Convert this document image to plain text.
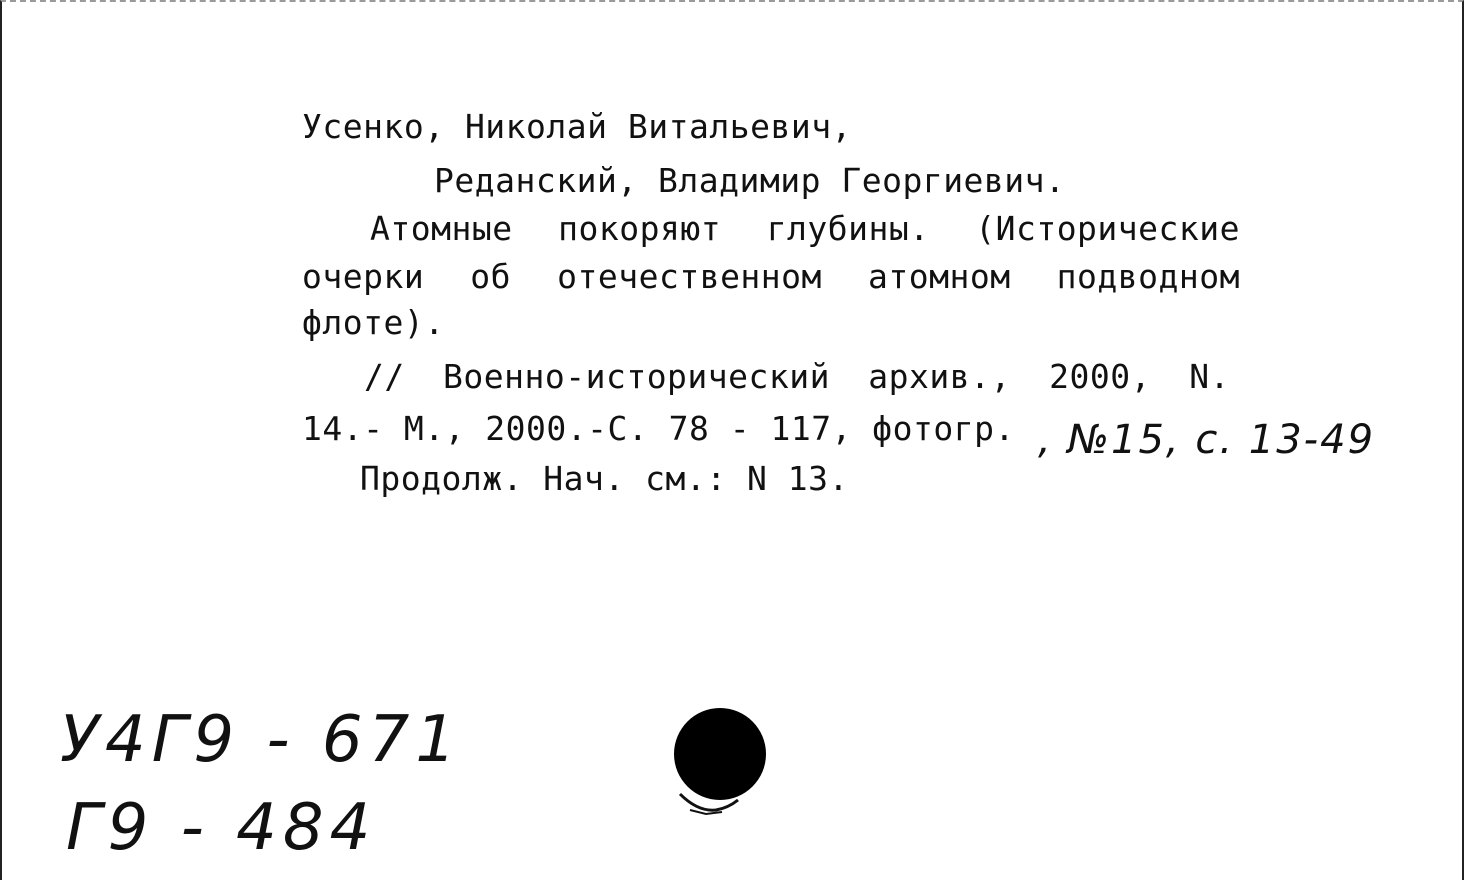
Усенко, Николай Витальевич,
Реданский, Владимир Георгиевич.
Атомные покоряют глубины. (Исторические
очерки об отечественном атомном подводном
флоте).
// Военно-исторический архив., 2000, N.
14.- М., 2000.-С. 78 - 117, фотогр. , №15, с. 13-49
Продолж. Нач. см.: N 13.
У4Г9 - 671
Г9 - 484
